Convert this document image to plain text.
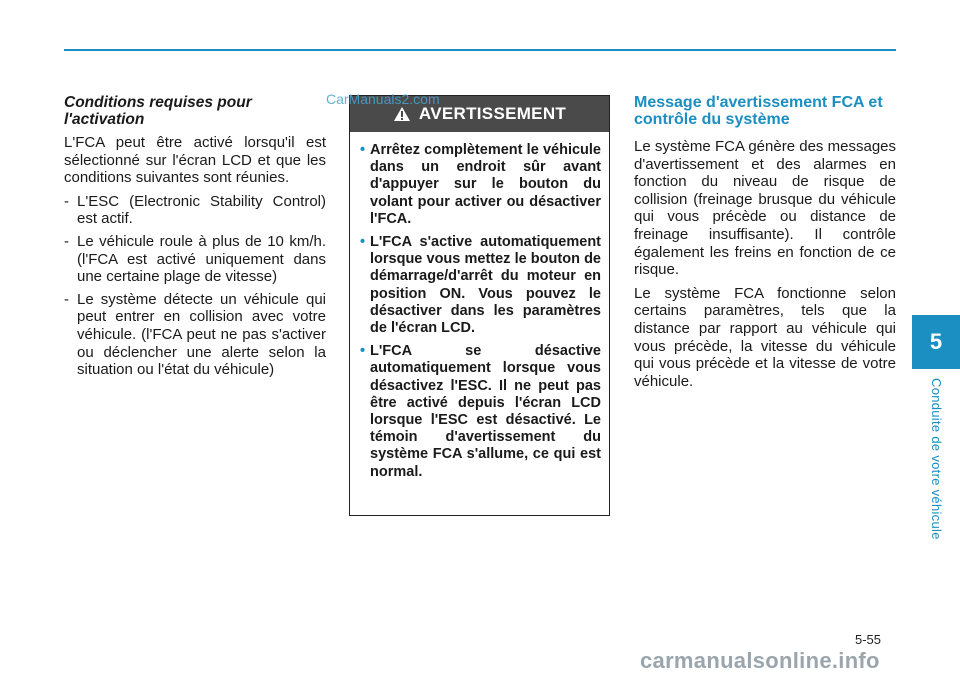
5
Conduite de votre véhicule
Conditions requises pour l'activation

L'FCA peut être activé lorsqu'il est sélectionné sur l'écran LCD et que les conditions suivantes sont réunies.

- L'ESC (Electronic Stability Control) est actif.
- Le véhicule roule à plus de 10 km/h. (l'FCA est activé uniquement dans une certaine plage de vitesse)
- Le système détecte un véhicule qui peut entrer en collision avec votre véhicule. (l'FCA peut ne pas s'activer ou déclencher une alerte selon la situation ou l'état du véhicule)
AVERTISSEMENT
• Arrêtez complètement le véhicule dans un endroit sûr avant d'appuyer sur le bouton du volant pour activer ou désactiver l'FCA.
• L'FCA s'active automatiquement lorsque vous mettez le bouton de démarrage/d'arrêt du moteur en position ON. Vous pouvez le désactiver dans les paramètres de l'écran LCD.
• L'FCA se désactive automatiquement lorsque vous désactivez l'ESC. Il ne peut pas être activé depuis l'écran LCD lorsque l'ESC est désactivé. Le témoin d'avertissement du système FCA s'allume, ce qui est normal.
CarManuals2.com	Message d'avertissement FCA et contrôle du système

Le système FCA génère des messages d'avertissement et des alarmes en fonction du niveau de risque de collision (freinage brusque du véhicule qui vous précède ou distance de freinage insuffisante). Il contrôle également les freins en fonction de ce risque.

Le système FCA fonctionne selon certains paramètres, tels que la distance par rapport au véhicule qui vous précède, la vitesse du véhicule qui vous précède et la vitesse de votre véhicule.

5-55
carmanualsonline.info
